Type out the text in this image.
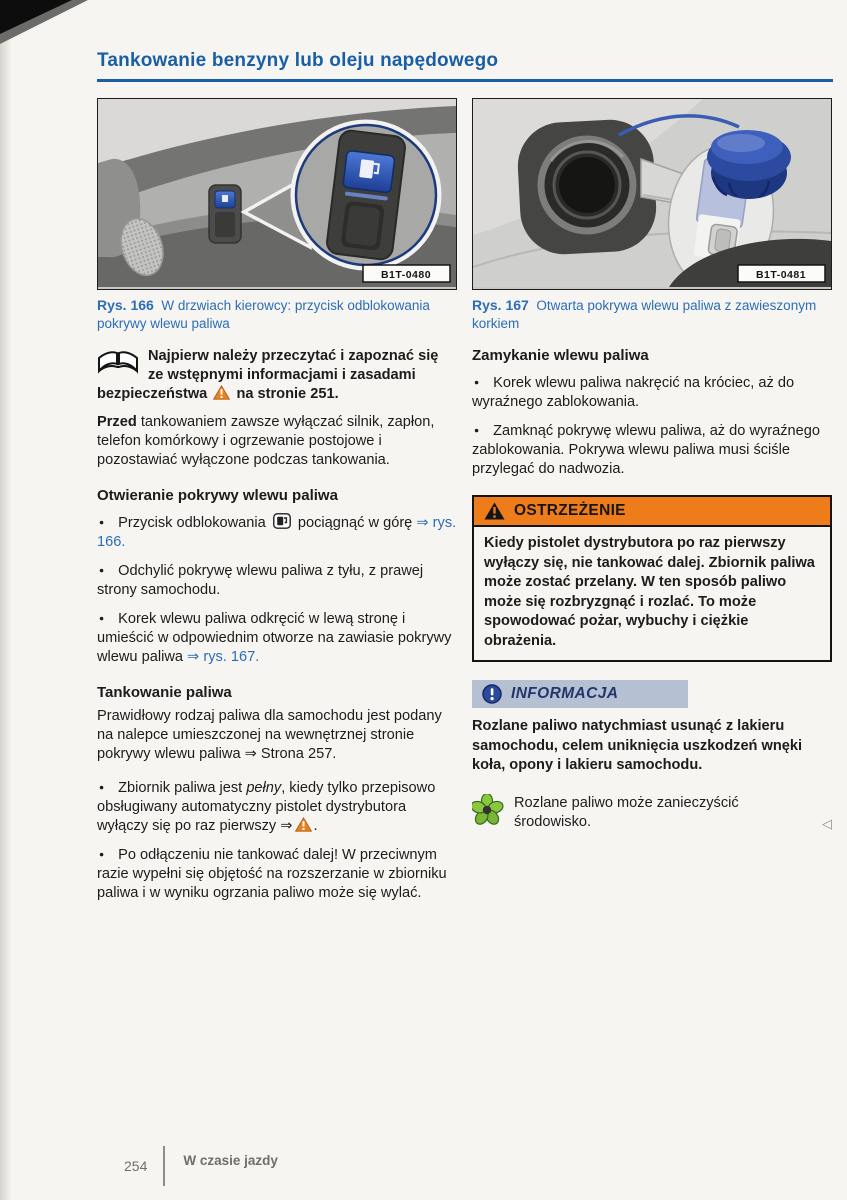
Tankowanie benzyny lub oleju napędowego
B1T-0480
Rys. 166 W drzwiach kierowcy: przycisk odblokowania pokrywy wlewu paliwa
Najpierw należy przeczytać i zapoznać się ze wstępnymi informacjami i zasadami bezpieczeństwa na stronie 251.

Przed tankowaniem zawsze wyłączać silnik, zapłon, telefon komórkowy i ogrzewanie postojowe i pozostawiać wyłączone podczas tankowania.

Otwieranie pokrywy wlewu paliwa

● Przycisk odblokowania pociągnąć w górę ⇒ rys. 166.

● Odchylić pokrywę wlewu paliwa z tyłu, z prawej strony samochodu.

● Korek wlewu paliwa odkręcić w lewą stronę i umieścić w odpowiednim otworze na zawiasie pokrywy wlewu paliwa ⇒ rys. 167.

Tankowanie paliwa

Prawidłowy rodzaj paliwa dla samochodu jest podany na nalepce umieszczonej na wewnętrznej stronie pokrywy wlewu paliwa ⇒ Strona 257.

● Zbiornik paliwa jest pełny, kiedy tylko przepisowo obsługiwany automatyczny pistolet dystrybutora wyłączy się po raz pierwszy ⇒ .

● Po odłączeniu nie tankować dalej! W przeciwnym razie wypełni się objętość na rozszerzanie w zbiorniku paliwa i w wyniku ogrzania paliwo może się wylać.

B1T-0481
Rys. 167 Otwarta pokrywa wlewu paliwa z zawieszonym korkiem
Zamykanie wlewu paliwa

● Korek wlewu paliwa nakręcić na króciec, aż do wyraźnego zablokowania.

● Zamknąć pokrywę wlewu paliwa, aż do wyraźnego zablokowania. Pokrywa wlewu paliwa musi ściśle przylegać do nadwozia.

OSTRZEŻENIE
Kiedy pistolet dystrybutora po raz pierwszy wyłączy się, nie tankować dalej. Zbiornik paliwa może zostać przelany. W ten sposób paliwo może się rozbryzgnąć i rozlać. To może spowodować pożar, wybuchy i ciężkie obrażenia.
INFORMACJA
Rozlane paliwo natychmiast usunąć z lakieru samochodu, celem uniknięcia uszkodzeń wnęki koła, opony i lakieru samochodu.
Rozlane paliwo może zanieczyścić środowisko.	◁
254	W czasie jazdy
